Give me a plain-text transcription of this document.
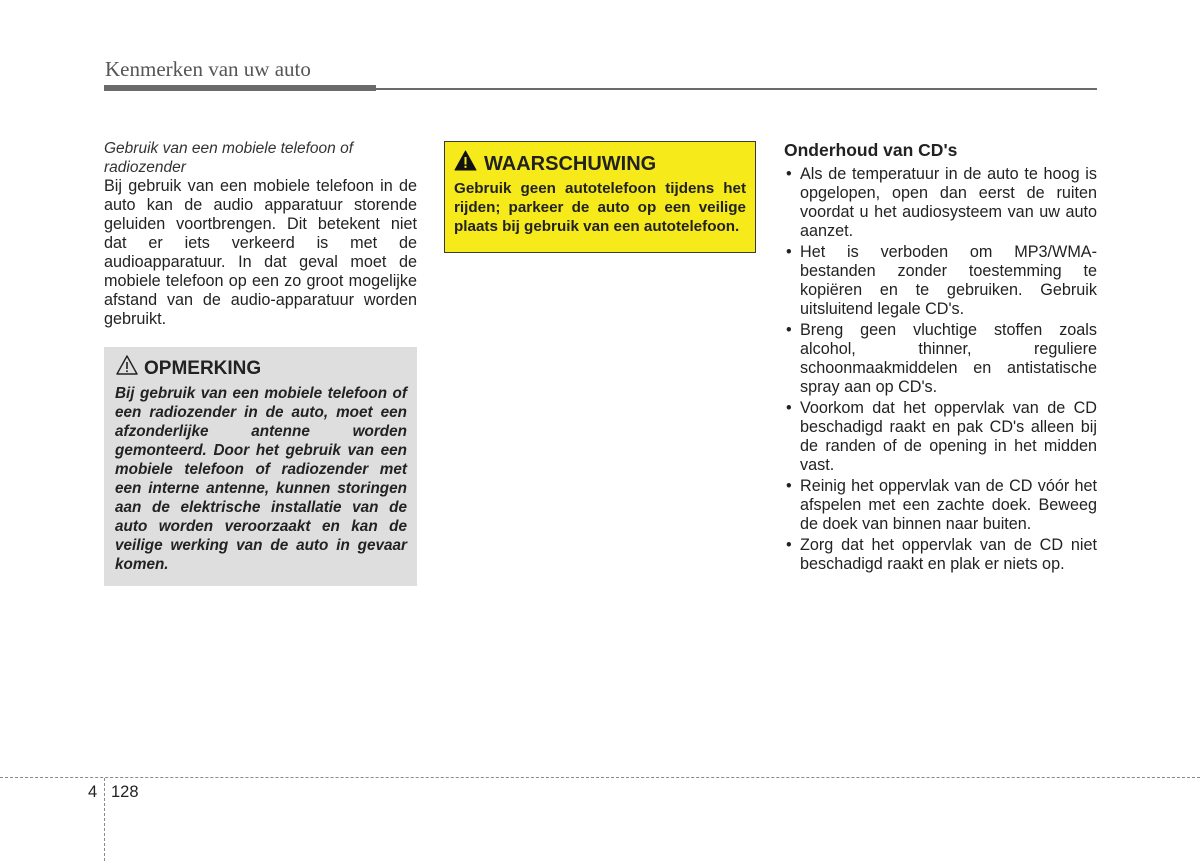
Kenmerken van uw auto
Gebruik van een mobiele telefoon of radiozender

Bij gebruik van een mobiele telefoon in de auto kan de audio apparatuur storende geluiden voortbrengen. Dit betekent niet dat er iets verkeerd is met de audioapparatuur. In dat geval moet de mobiele telefoon op een zo groot mogelijke afstand van de audio-apparatuur worden gebruikt.

OPMERKING
Bij gebruik van een mobiele telefoon of een radiozender in de auto, moet een afzonderlijke antenne worden gemonteerd. Door het gebruik van een mobiele telefoon of radiozender met een interne antenne, kunnen storingen aan de elektrische installatie van de auto worden veroorzaakt en kan de veilige werking van de auto in gevaar komen.
WAARSCHUWING
Gebruik geen autotelefoon tijdens het rijden; parkeer de auto op een veilige plaats bij gebruik van een autotelefoon.
Onderhoud van CD's
• Als de temperatuur in de auto te hoog is opgelopen, open dan eerst de ruiten voordat u het audiosysteem van uw auto aanzet.
• Het is verboden om MP3/WMA-bestanden zonder toestemming te kopiëren en te gebruiken. Gebruik uitsluitend legale CD's.
• Breng geen vluchtige stoffen zoals alcohol, thinner, reguliere schoonmaakmiddelen en antistatische spray aan op CD's.
• Voorkom dat het oppervlak van de CD beschadigd raakt en pak CD's alleen bij de randen of de opening in het midden vast.
• Reinig het oppervlak van de CD vóór het afspelen met een zachte doek. Beweeg de doek van binnen naar buiten.
• Zorg dat het oppervlak van de CD niet beschadigd raakt en plak er niets op.
4 128
